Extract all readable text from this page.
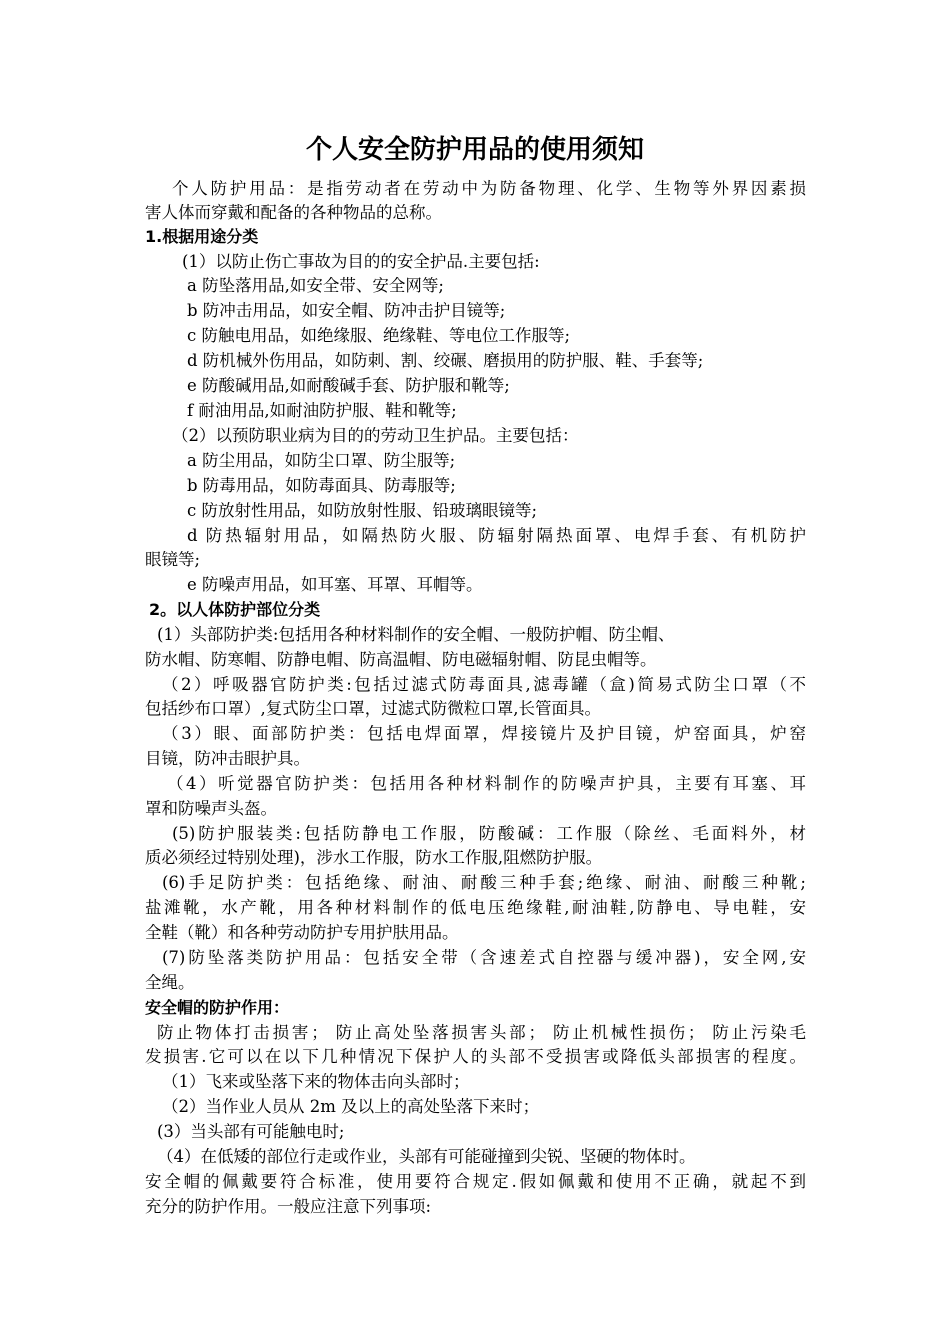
个人安全防护用品的使用须知
个人防护用品：是指劳动者在劳动中为防备物理、化学、生物等外界因素损
害人体而穿戴和配备的各种物品的总称。
1.根据用途分类
(1）以防止伤亡事故为目的的安全护品.主要包括:
a 防坠落用品,如安全带、安全网等;
b 防冲击用品，如安全帽、防冲击护目镜等;
c 防触电用品，如绝缘服、绝缘鞋、等电位工作服等;
d 防机械外伤用品，如防刺、割、绞碾、磨损用的防护服、鞋、手套等;
e 防酸碱用品,如耐酸碱手套、防护服和靴等;
f 耐油用品,如耐油防护服、鞋和靴等;
（2）以预防职业病为目的的劳动卫生护品。主要包括：
a 防尘用品，如防尘口罩、防尘服等;
b 防毒用品，如防毒面具、防毒服等;
c 防放射性用品，如防放射性服、铅玻璃眼镜等;
d 防热辐射用品，如隔热防火服、防辐射隔热面罩、电焊手套、有机防护
眼镜等;
e 防噪声用品，如耳塞、耳罩、耳帽等。
2。以人体防护部位分类
(1）头部防护类:包括用各种材料制作的安全帽、一般防护帽、防尘帽、
防水帽、防寒帽、防静电帽、防高温帽、防电磁辐射帽、防昆虫帽等。
（2）呼吸器官防护类:包括过滤式防毒面具,滤毒罐（盒)简易式防尘口罩（不
包括纱布口罩）,复式防尘口罩，过滤式防微粒口罩,长管面具。
（3）眼、面部防护类：包括电焊面罩，焊接镜片及护目镜，炉窑面具，炉窑
目镜，防冲击眼护具。
（4）听觉器官防护类：包括用各种材料制作的防噪声护具，主要有耳塞、耳
罩和防噪声头盔。
(5)防护服装类:包括防静电工作服，防酸碱：工作服（除丝、毛面料外，材
质必须经过特别处理)，涉水工作服，防水工作服,阻燃防护服。
(6)手足防护类：包括绝缘、耐油、耐酸三种手套;绝缘、耐油、耐酸三种靴;
盐滩靴，水产靴，用各种材料制作的低电压绝缘鞋,耐油鞋,防静电、导电鞋，安
全鞋（靴）和各种劳动防护专用护肤用品。
(7)防坠落类防护用品：包括安全带（含速差式自控器与缓冲器)，安全网,安
全绳。
安全帽的防护作用：
防止物体打击损害； 防止高处坠落损害头部； 防止机械性损伤； 防止污染毛
发损害.它可以在以下几种情况下保护人的头部不受损害或降低头部损害的程度。
（1）飞来或坠落下来的物体击向头部时；
（2）当作业人员从 2m 及以上的高处坠落下来时；
(3）当头部有可能触电时;
（4）在低矮的部位行走或作业，头部有可能碰撞到尖锐、坚硬的物体时。
安全帽的佩戴要符合标准，使用要符合规定.假如佩戴和使用不正确，就起不到
充分的防护作用。一般应注意下列事项:
